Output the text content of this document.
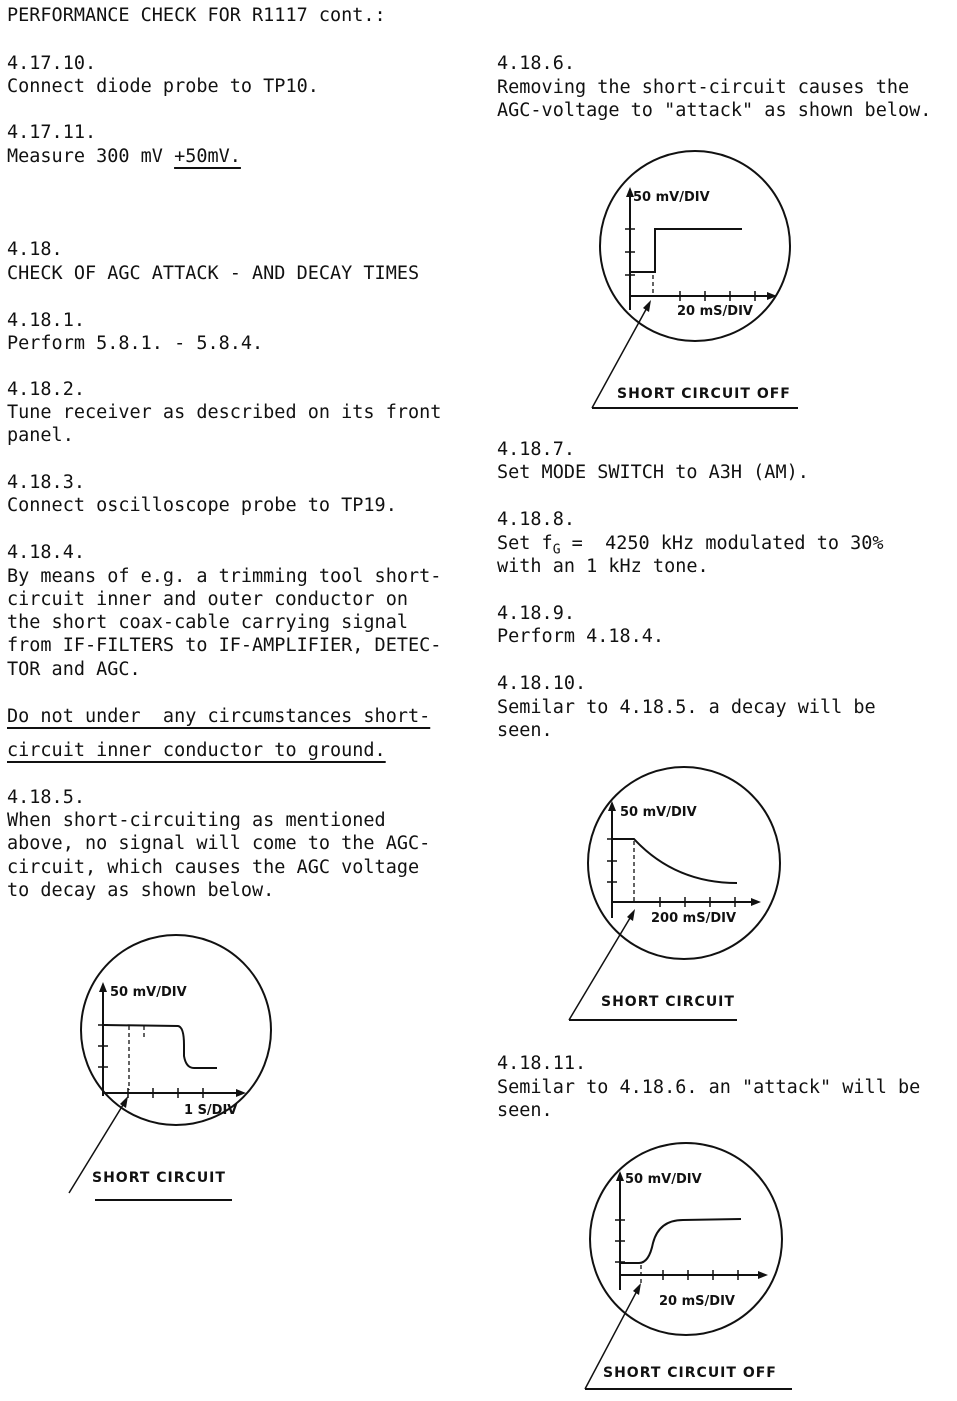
PERFORMANCE CHECK FOR R1117 cont.:

4.17.10.

Connect diode probe to TP10.

4.17.11.

Measure 300 mV +50mV.

4.18.

CHECK OF AGC ATTACK - AND DECAY TIMES

4.18.1.

Perform 5.8.1. - 5.8.4.

4.18.2.

Tune receiver as described on its front

panel.

4.18.3.

Connect oscilloscope probe to TP19.

4.18.4.

By means of e.g. a trimming tool short-

circuit inner and outer conductor on

the short coax-cable carrying signal

from IF-FILTERS to IF-AMPLIFIER, DETEC-

TOR and AGC.

Do not under  any circumstances short-

circuit inner conductor to ground.

4.18.5.

When short-circuiting as mentioned

above, no signal will come to the AGC-

circuit, which causes the AGC voltage

to decay as shown below.

4.18.6.

Removing the short-circuit causes the

AGC-voltage to "attack" as shown below.

4.18.7.

Set MODE SWITCH to A3H (AM).

4.18.8.

Set $f_G = 4250$ kHz modulated to 30%

with an 1 kHz tone.

4.18.9.

Perform 4.18.4.

4.18.10.

Semilar to 4.18.5. a decay will be

seen.

4.18.11.

Semilar to 4.18.6. an "attack" will be

seen.

50 mV/DIV
1 S/DIV
SHORT CIRCUIT
50 mV/DIV
20 mS/DIV
SHORT CIRCUIT OFF
50 mV/DIV
200 mS/DIV
SHORT CIRCUIT
50 mV/DIV
20 mS/DIV
SHORT CIRCUIT OFF
